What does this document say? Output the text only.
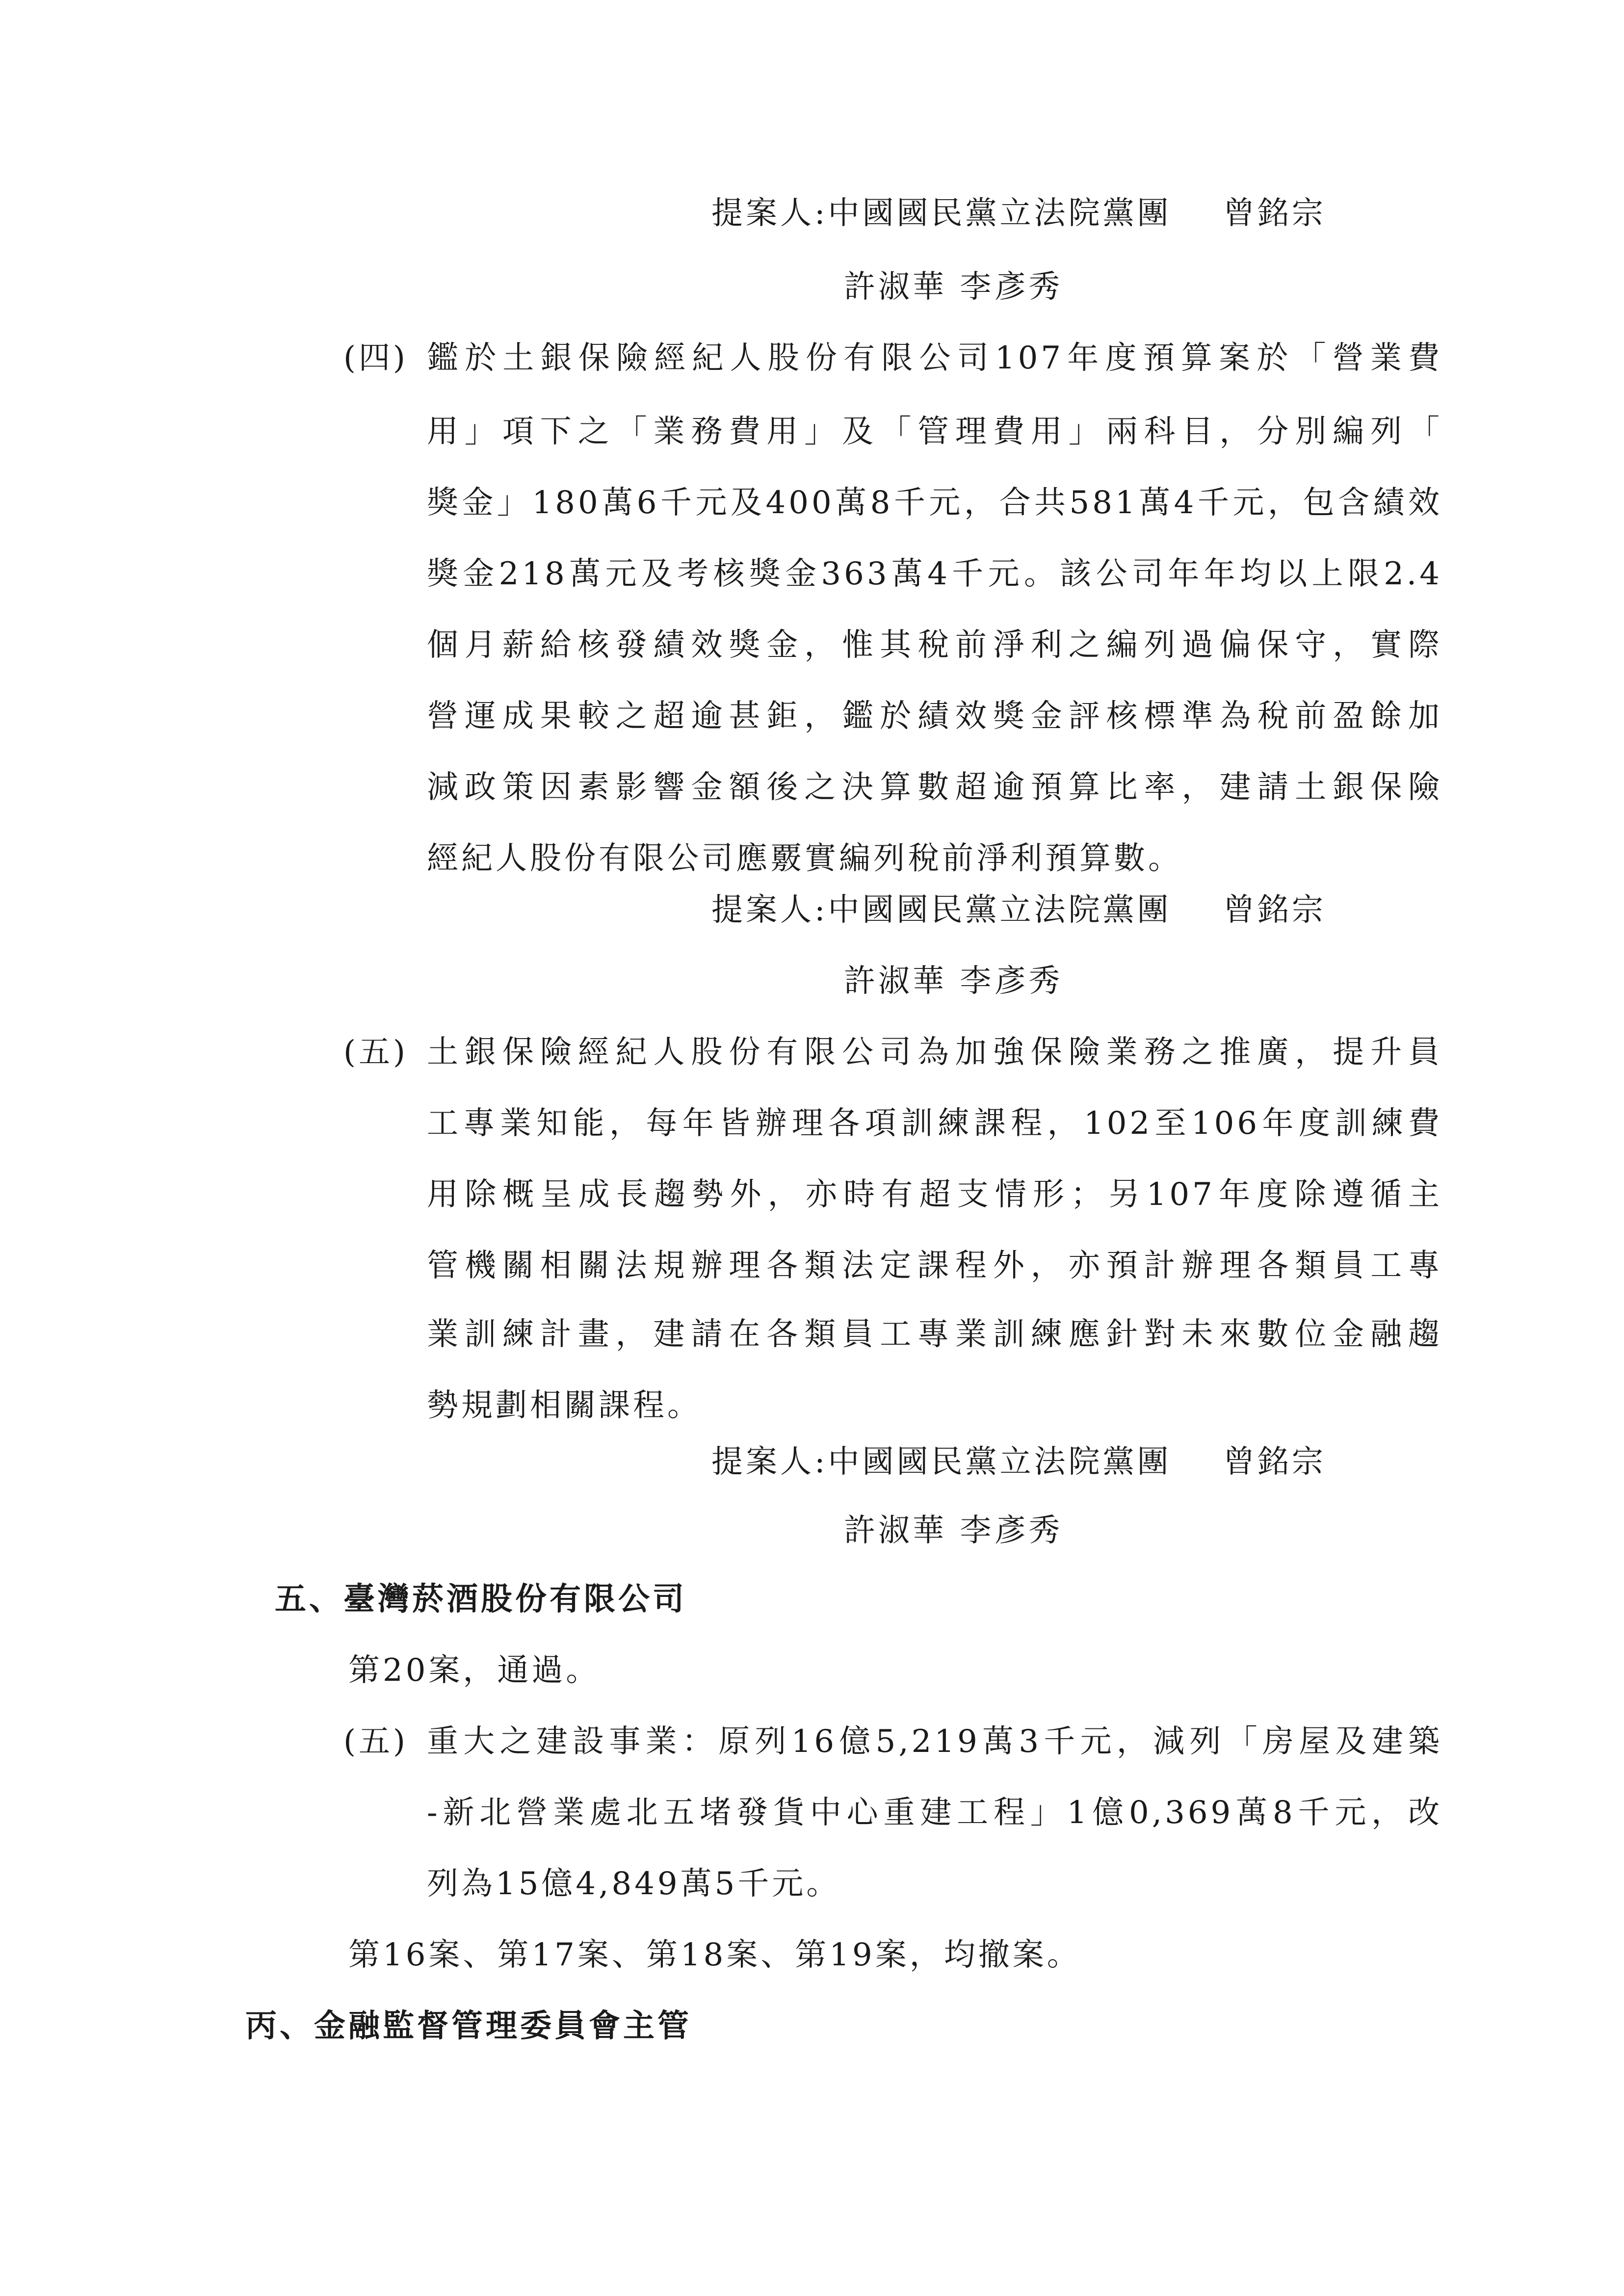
提案人:中國國民黨立法院黨團 曾銘宗
許淑華 李彥秀
(四) 鑑於土銀保險經紀人股份有限公司107年度預算案於「營業費
用」項下之「業務費用」及「管理費用」兩科目，分別編列「
獎金」180萬6千元及400萬8千元，合共581萬4千元，包含績效
獎金218萬元及考核獎金363萬4千元。該公司年年均以上限2.4
個月薪給核發績效獎金，惟其稅前淨利之編列過偏保守，實際
營運成果較之超逾甚鉅，鑑於績效獎金評核標準為稅前盈餘加
減政策因素影響金額後之決算數超逾預算比率，建請土銀保險
經紀人股份有限公司應覈實編列稅前淨利預算數。
提案人:中國國民黨立法院黨團 曾銘宗
許淑華 李彥秀
(五) 土銀保險經紀人股份有限公司為加強保險業務之推廣，提升員
工專業知能，每年皆辦理各項訓練課程，102至106年度訓練費
用除概呈成長趨勢外，亦時有超支情形；另107年度除遵循主
管機關相關法規辦理各類法定課程外，亦預計辦理各類員工專
業訓練計畫，建請在各類員工專業訓練應針對未來數位金融趨
勢規劃相關課程。
提案人:中國國民黨立法院黨團 曾銘宗
許淑華 李彥秀
五、臺灣菸酒股份有限公司
第20案，通過。
(五) 重大之建設事業：原列16億5,219萬3千元，減列「房屋及建築
-新北營業處北五堵發貨中心重建工程」1億0,369萬8千元，改
列為15億4,849萬5千元。
第16案、第17案、第18案、第19案，均撤案。
丙、金融監督管理委員會主管
